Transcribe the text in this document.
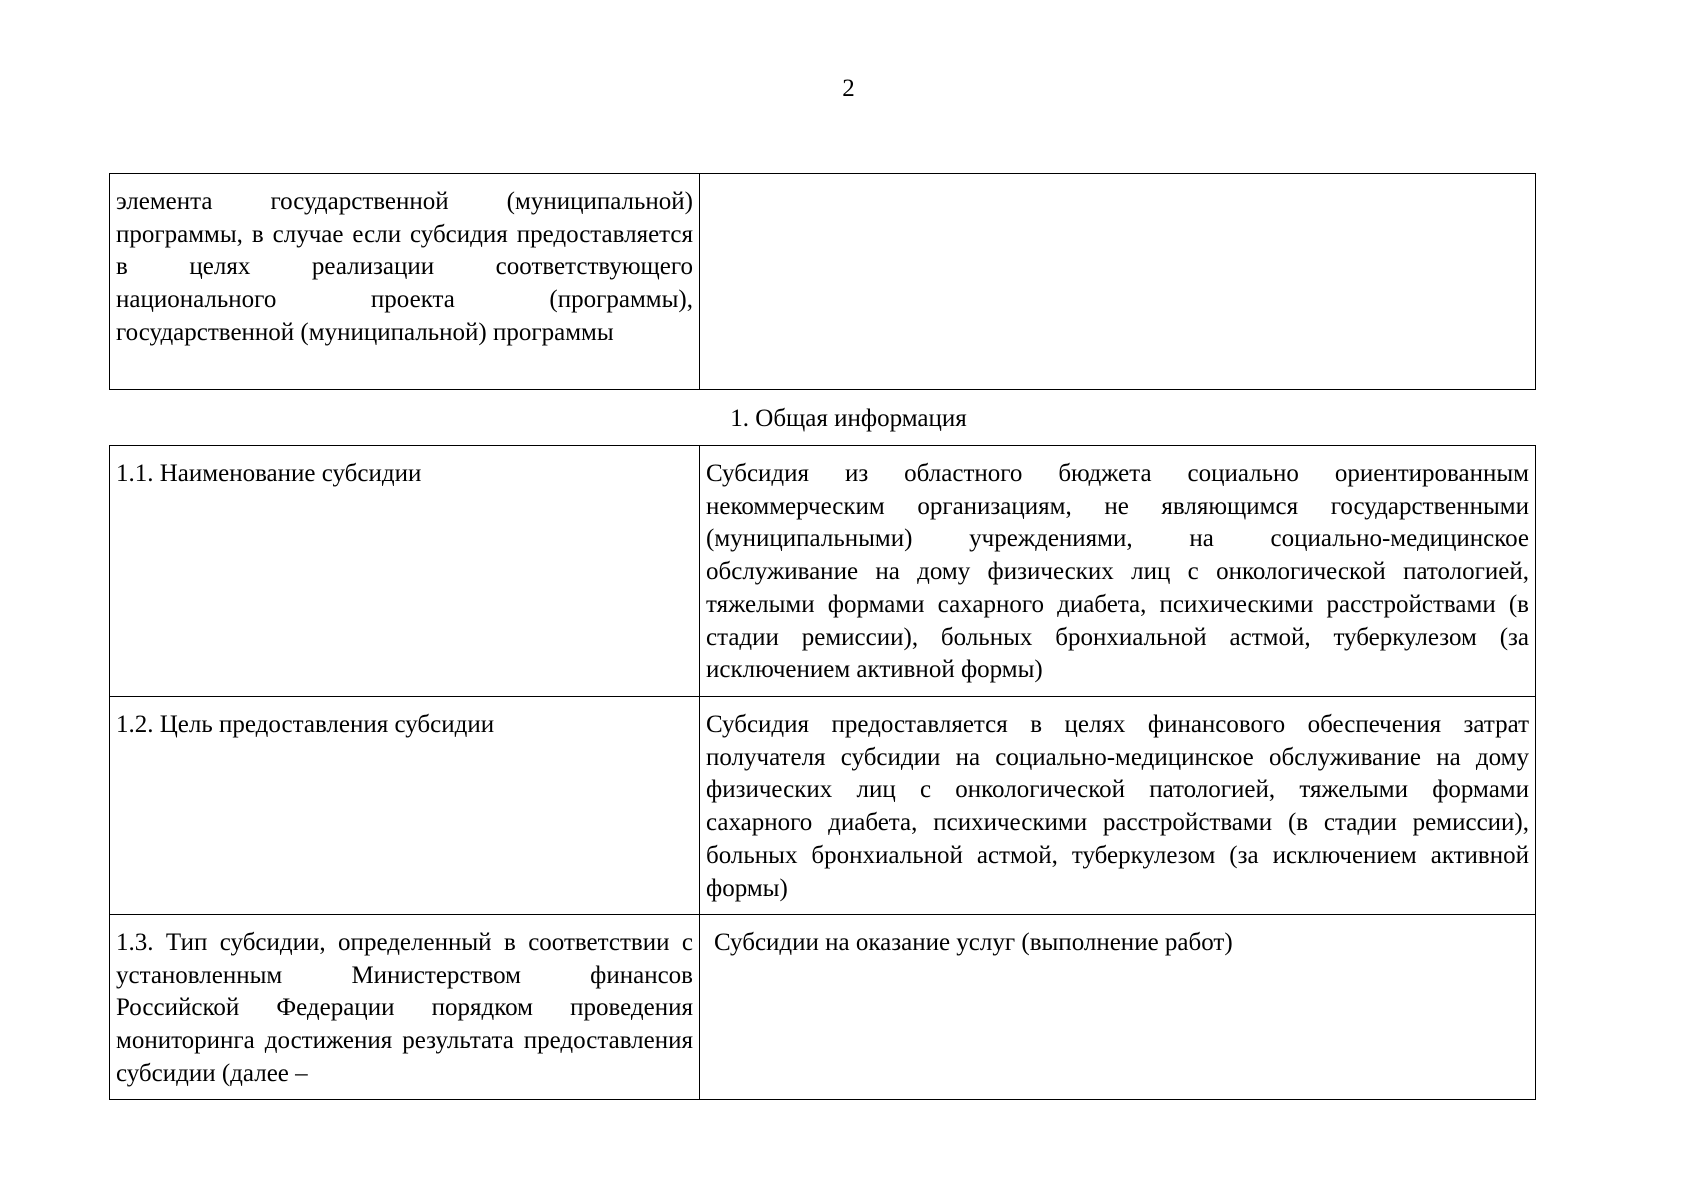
2
элемента государственной (муниципальной) программы, в случае если субсидия предоставляется в целях реализации соответствующего национального проекта (программы), государственной (муниципальной) программы	
1. Общая информация
1.1. Наименование субсидии	Субсидия из областного бюджета социально ориентированным некоммерческим организациям, не являющимся государственными (муниципальными) учреждениями, на социально-медицинское обслуживание на дому физических лиц с онкологической патологией, тяжелыми формами сахарного диабета, психическими расстройствами (в стадии ремиссии), больных бронхиальной астмой, туберкулезом (за исключением активной формы)
1.2. Цель предоставления субсидии	Субсидия предоставляется в целях финансового обеспечения затрат получателя субсидии на социально-медицинское обслуживание на дому физических лиц с онкологической патологией, тяжелыми формами сахарного диабета, психическими расстройствами (в стадии ремиссии), больных бронхиальной астмой, туберкулезом (за исключением активной формы)
1.3. Тип субсидии, определенный в соответствии с установленным Министерством финансов Российской Федерации порядком проведения мониторинга достижения результата предоставления субсидии (далее –	Субсидии на оказание услуг (выполнение работ)
